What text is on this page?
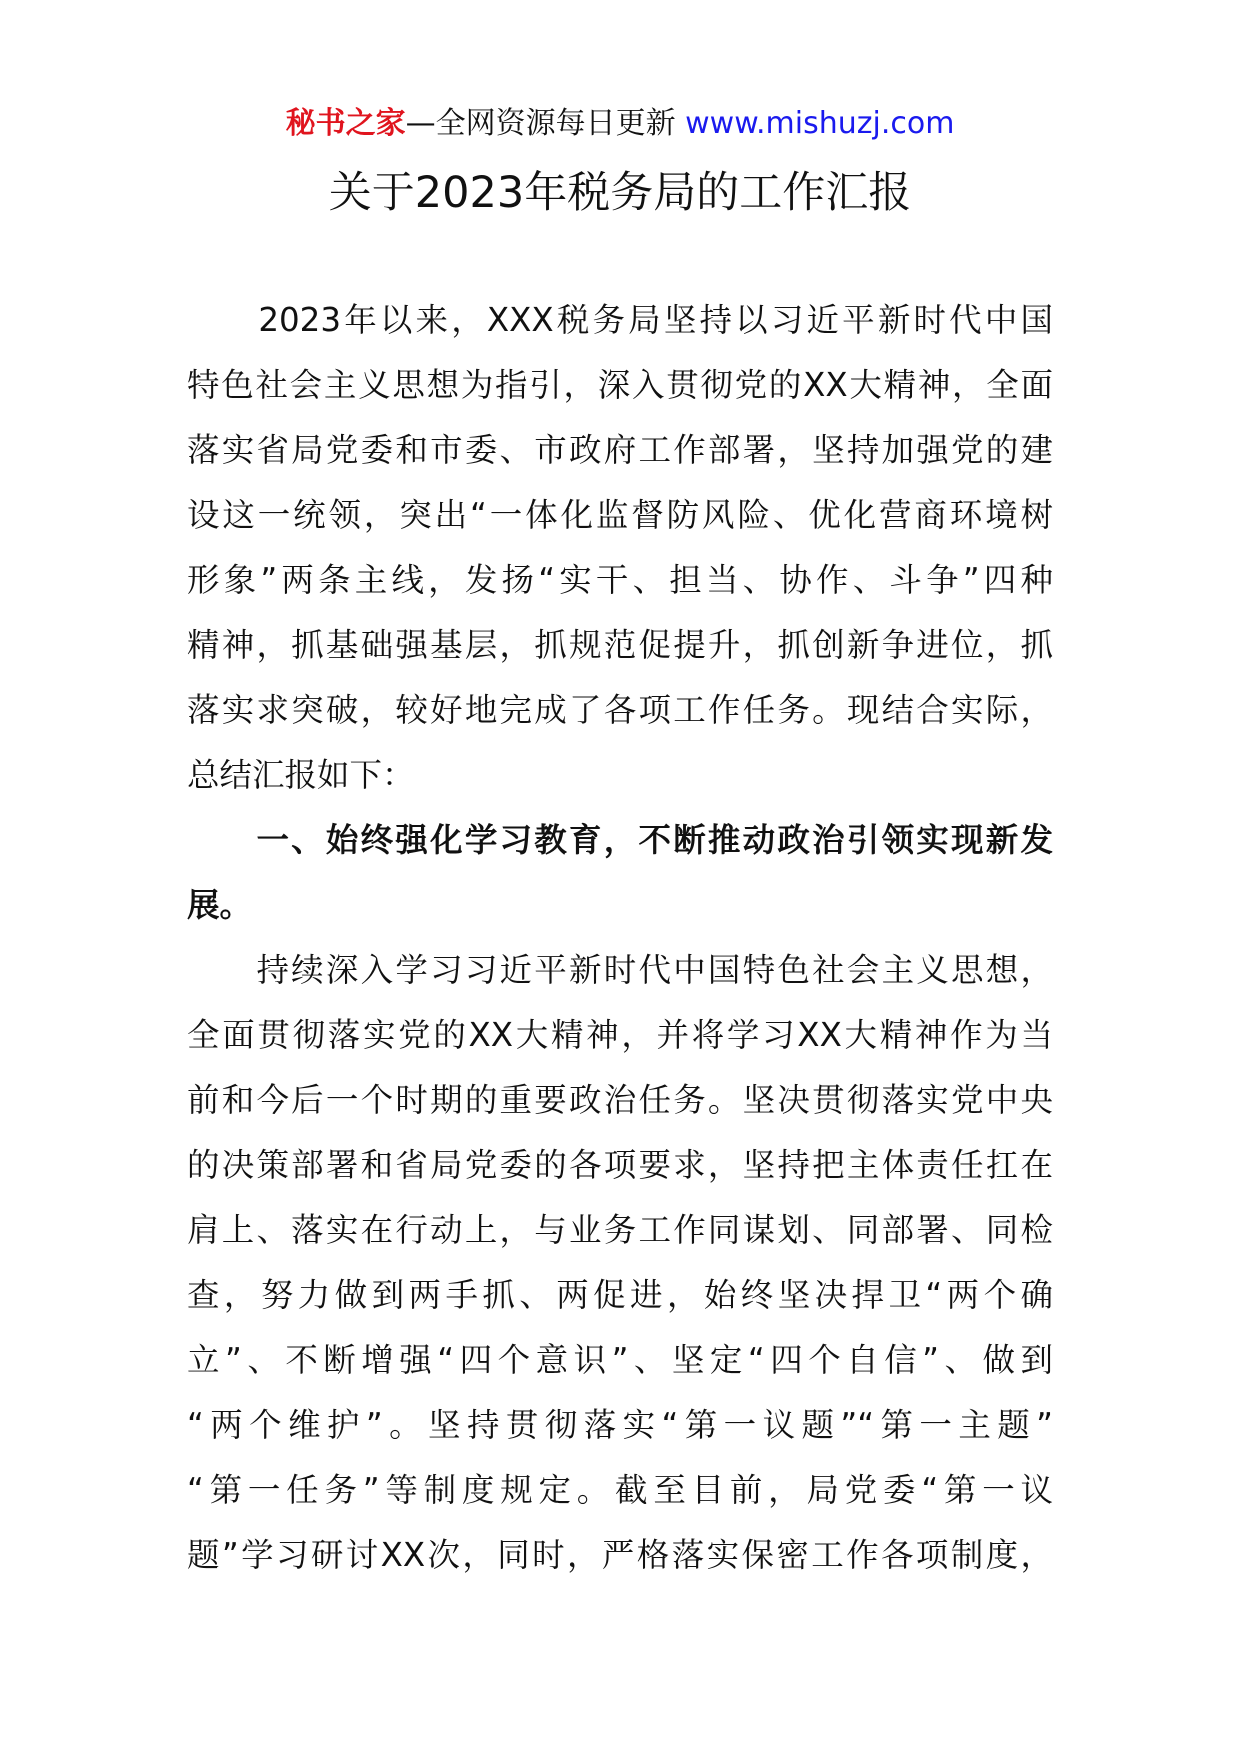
秘书之家—全网资源每日更新 www.mishuzj.com
关于2023年税务局的工作汇报
　　2023年以来，XXX税务局坚持以习近平新时代中国
特色社会主义思想为指引，深入贯彻党的XX大精神，全面
落实省局党委和市委、市政府工作部署，坚持加强党的建
设这一统领，突出“一体化监督防风险、优化营商环境树
形象”两条主线，发扬“实干、担当、协作、斗争”四种
精神，抓基础强基层，抓规范促提升，抓创新争进位，抓
落实求突破，较好地完成了各项工作任务。现结合实际，
总结汇报如下：
　　一、始终强化学习教育，不断推动政治引领实现新发
展。
　　持续深入学习习近平新时代中国特色社会主义思想，
全面贯彻落实党的XX大精神，并将学习XX大精神作为当
前和今后一个时期的重要政治任务。坚决贯彻落实党中央
的决策部署和省局党委的各项要求，坚持把主体责任扛在
肩上、落实在行动上，与业务工作同谋划、同部署、同检
查，努力做到两手抓、两促进，始终坚决捍卫“两个确
立”、不断增强“四个意识”、坚定“四个自信”、做到
“两个维护”。坚持贯彻落实“第一议题”“第一主题”
“第一任务”等制度规定。截至目前，局党委“第一议
题”学习研讨XX次，同时，严格落实保密工作各项制度，
